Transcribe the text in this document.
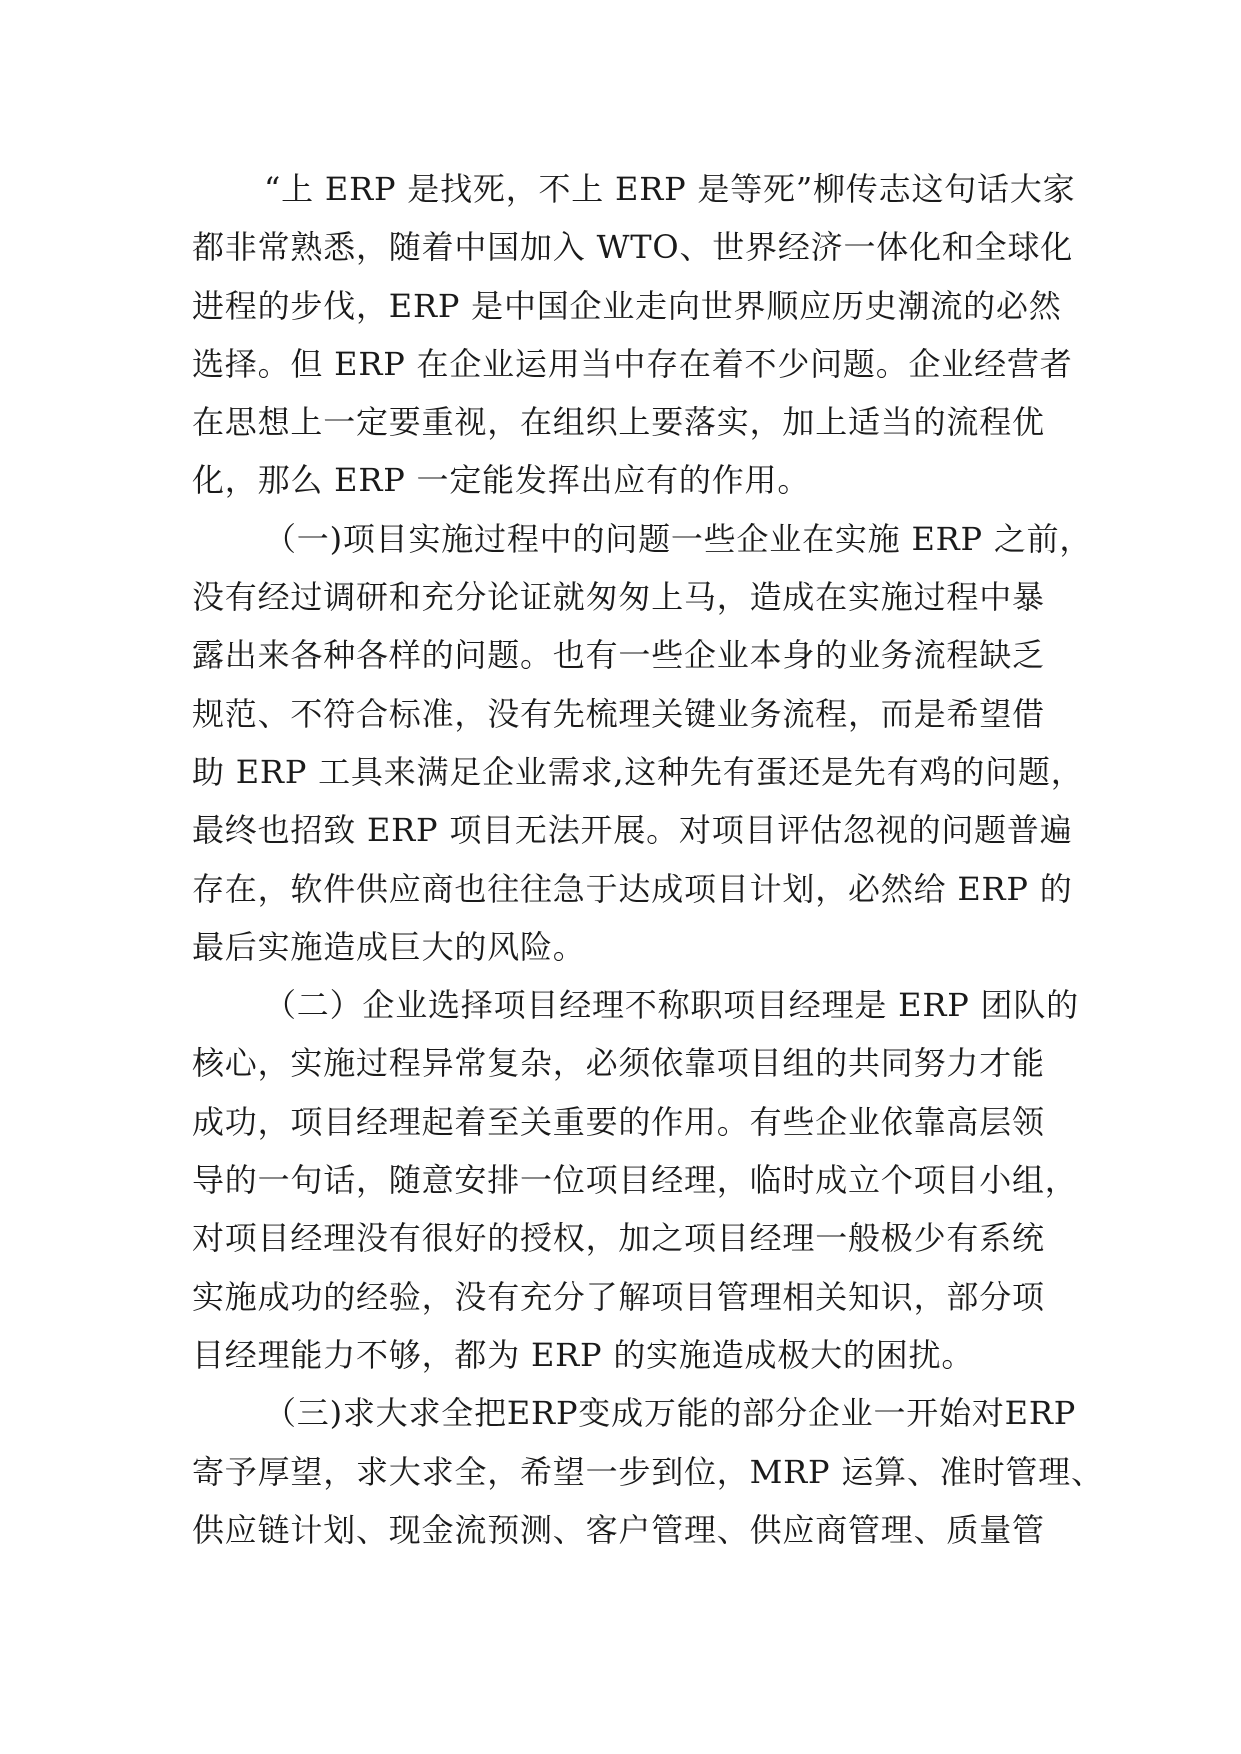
“上 ERP 是找死，不上 ERP 是等死”柳传志这句话大家
都非常熟悉，随着中国加入 WTO、世界经济一体化和全球化
进程的步伐，ERP 是中国企业走向世界顺应历史潮流的必然
选择。但 ERP 在企业运用当中存在着不少问题。企业经营者
在思想上一定要重视，在组织上要落实，加上适当的流程优
化，那么 ERP 一定能发挥出应有的作用。
（一)项目实施过程中的问题一些企业在实施 ERP 之前，
没有经过调研和充分论证就匆匆上马，造成在实施过程中暴
露出来各种各样的问题。也有一些企业本身的业务流程缺乏
规范、不符合标准，没有先梳理关键业务流程，而是希望借
助 ERP 工具来满足企业需求,这种先有蛋还是先有鸡的问题，
最终也招致 ERP 项目无法开展。对项目评估忽视的问题普遍
存在，软件供应商也往往急于达成项目计划，必然给 ERP 的
最后实施造成巨大的风险。
（二）企业选择项目经理不称职项目经理是 ERP 团队的
核心，实施过程异常复杂，必须依靠项目组的共同努力才能
成功，项目经理起着至关重要的作用。有些企业依靠高层领
导的一句话，随意安排一位项目经理，临时成立个项目小组，
对项目经理没有很好的授权，加之项目经理一般极少有系统
实施成功的经验，没有充分了解项目管理相关知识，部分项
目经理能力不够，都为 ERP 的实施造成极大的困扰。
（三)求大求全把ERP变成万能的部分企业一开始对ERP
寄予厚望，求大求全，希望一步到位，MRP 运算、准时管理、
供应链计划、现金流预测、客户管理、供应商管理、质量管
